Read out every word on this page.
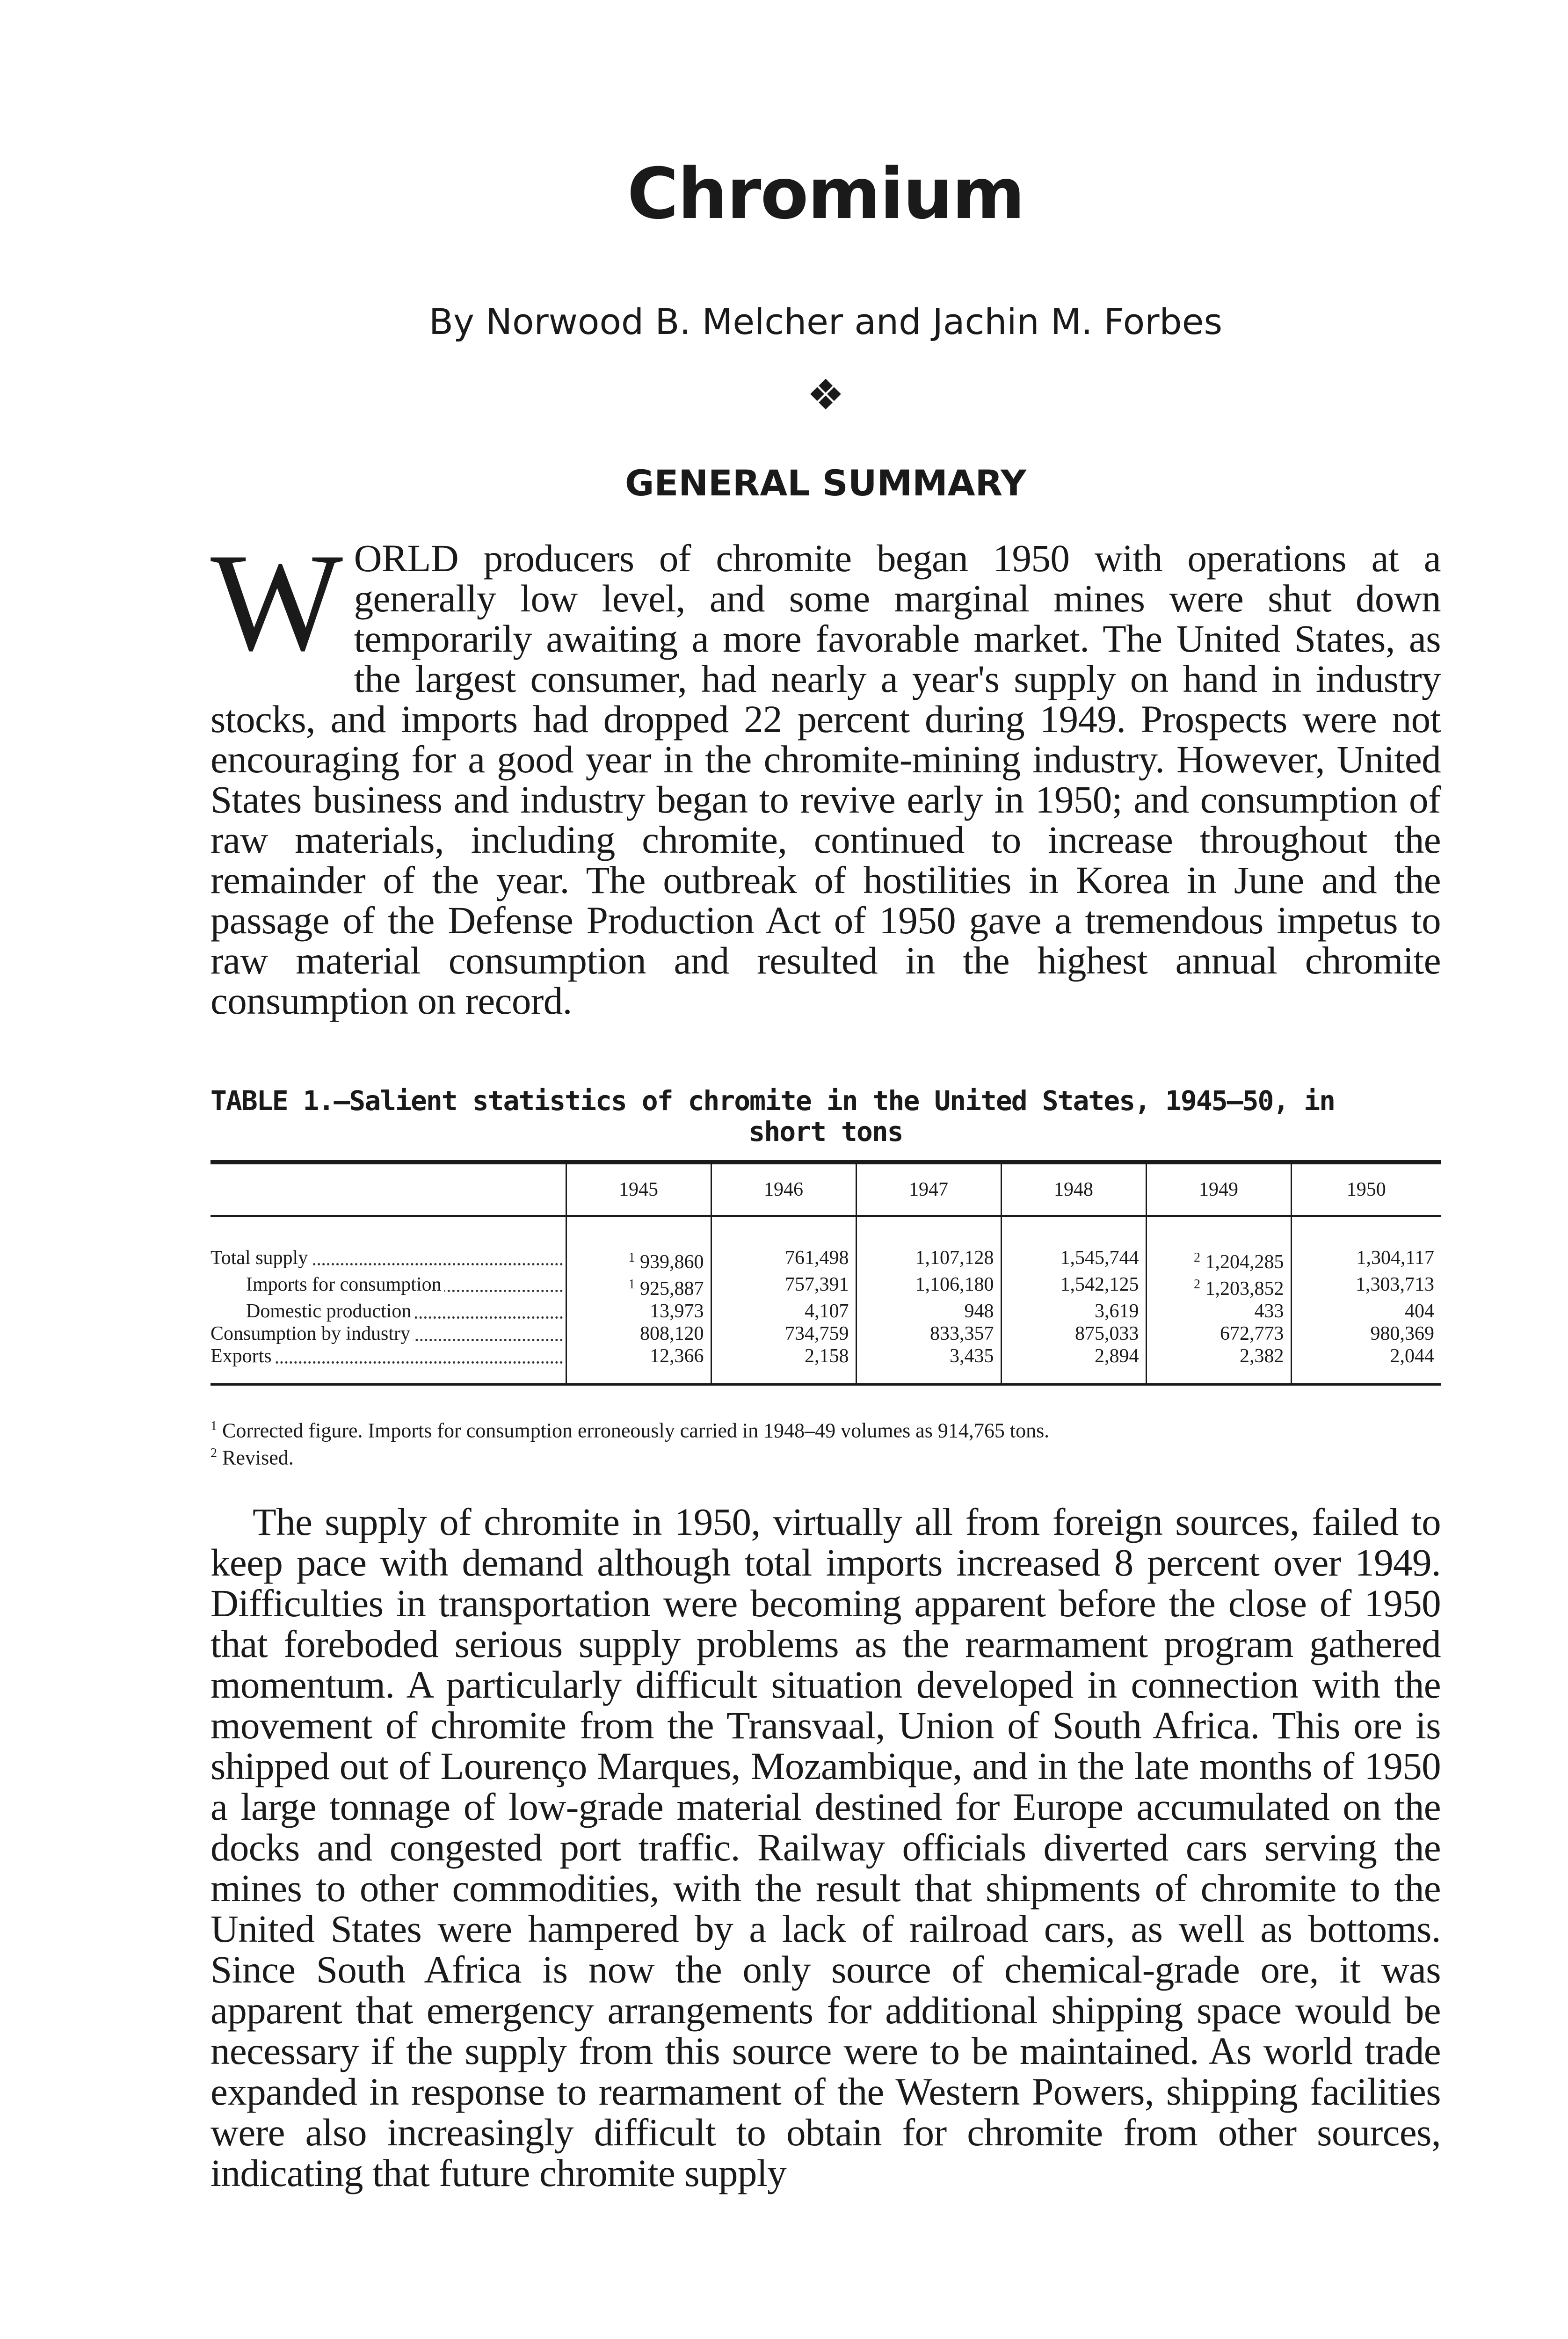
Chromium
By Norwood B. Melcher and Jachin M. Forbes
❖
GENERAL SUMMARY
W ORLD producers of chromite began 1950 with operations at a generally low level, and some marginal mines were shut down temporarily awaiting a more favorable market. The United States, as the largest consumer, had nearly a year's supply on hand in industry stocks, and imports had dropped 22 percent during 1949. Prospects were not encouraging for a good year in the chromite-mining industry. However, United States business and industry began to revive early in 1950; and consumption of raw materials, including chromite, continued to increase throughout the remainder of the year. The outbreak of hostilities in Korea in June and the passage of the Defense Production Act of 1950 gave a tremendous impetus to raw material consumption and resulted in the highest annual chromite consumption on record.
TABLE 1.—Salient statistics of chromite in the United States, 1945–50, in
short tons
	1945	1946	1947	1948	1949	1950

Total supply	$^1$ 939,860	761,498	1,107,128	1,545,744	$^2$ 1,204,285	1,304,117

Imports for consumption	$^1$ 925,887	757,391	1,106,180	1,542,125	$^2$ 1,203,852	1,303,713

Domestic production	13,973	4,107	948	3,619	433	404

Consumption by industry	808,120	734,759	833,357	875,033	672,773	980,369

Exports	12,366	2,158	3,435	2,894	2,382	2,044
$^1$ Corrected figure. Imports for consumption erroneously carried in 1948–49 volumes as 914,765 tons.
$^2$ Revised.
The supply of chromite in 1950, virtually all from foreign sources, failed to keep pace with demand although total imports increased 8 percent over 1949. Difficulties in transportation were becoming apparent before the close of 1950 that foreboded serious supply problems as the rearmament program gathered momentum. A particularly difficult situation developed in connection with the movement of chromite from the Transvaal, Union of South Africa. This ore is shipped out of Lourenço Marques, Mozambique, and in the late months of 1950 a large tonnage of low-grade material destined for Europe accumulated on the docks and congested port traffic. Railway officials diverted cars serving the mines to other commodities, with the result that shipments of chromite to the United States were hampered by a lack of railroad cars, as well as bottoms. Since South Africa is now the only source of chemical-grade ore, it was apparent that emergency arrangements for additional shipping space would be necessary if the supply from this source were to be maintained. As world trade expanded in response to rearmament of the Western Powers, shipping facilities were also increasingly difficult to obtain for chromite from other sources, indicating that future chromite supply
